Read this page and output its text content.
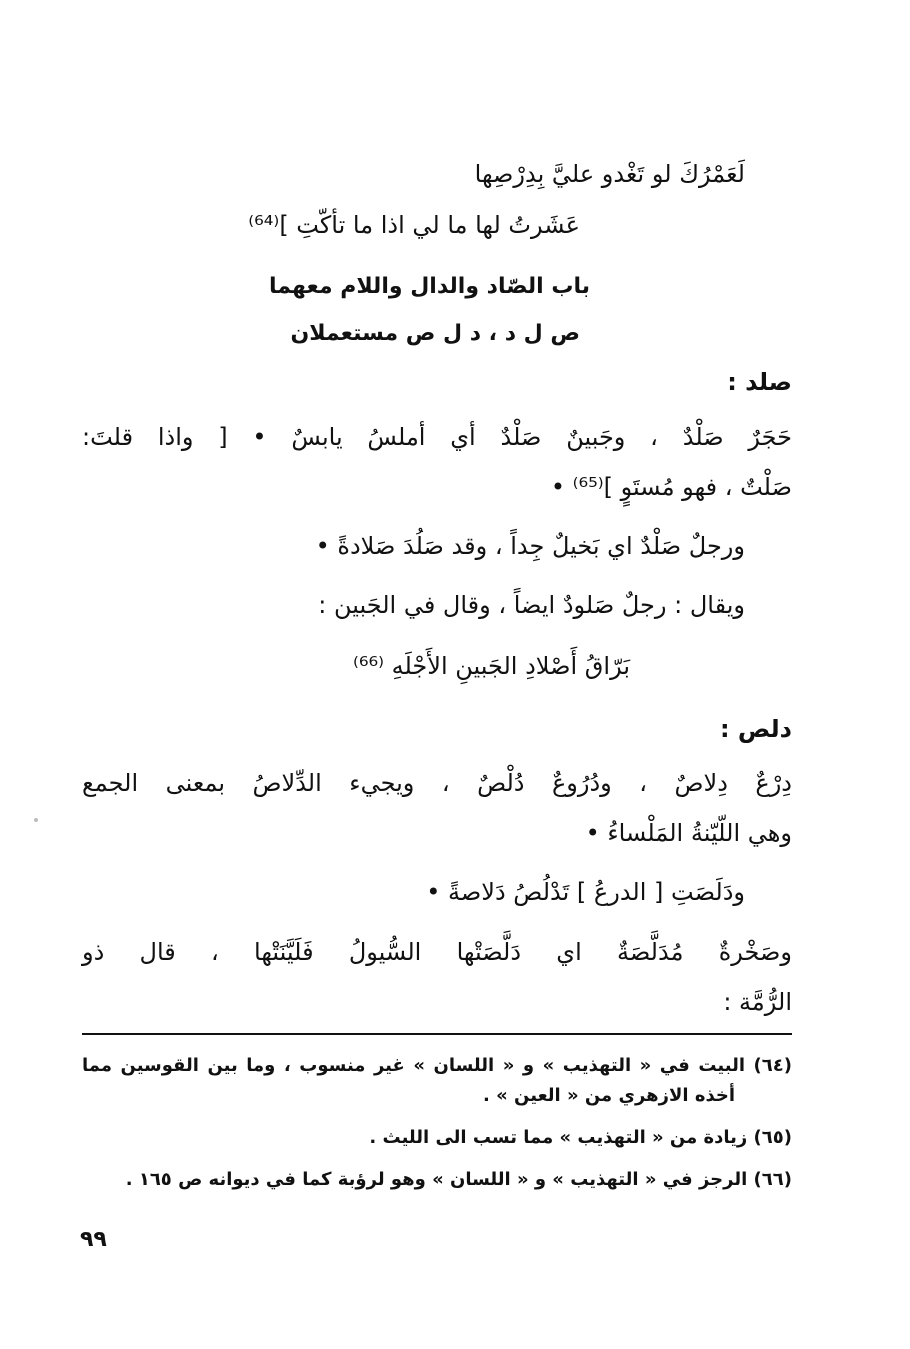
لَعَمْرُكَ لو تَغْدو عليَّ بِدِرْصِها
عَشَرتُ لها ما لي اذا ما تأكّتِ ]⁽⁶⁴⁾
باب الصّاد والدال واللام معهما
ص ل د ، د ل ص مستعملان
صلد :
حَجَرٌ صَلْدٌ ، وجَبينٌ صَلْدٌ أي أملسُ يابسٌ • [ واذا قلتَ:
صَلْتٌ ، فهو مُستَوٍ ]⁽⁶⁵⁾ •
ورجلٌ صَلْدٌ اي بَخيلٌ جِداً ، وقد صَلُدَ صَلادةً •
ويقال : رجلٌ صَلودٌ ايضاً ، وقال في الجَبين :
بَرّاقُ أَصْلادِ الجَبينِ الأَجْلَهِ ⁽⁶⁶⁾
دلص :
دِرْعٌ دِلاصٌ ، ودُرُوعٌ دُلْصٌ ، ويجيء الدِّلاصُ بمعنى الجمع
وهي اللّيّنةُ المَلْساءُ •
ودَلَصَتِ [ الدرعُ ] تَدْلُصُ دَلاصةً •
وصَخْرةٌ مُدَلَّصَةٌ اي دَلَّصَتْها السُّيولُ فَلَيَّنَتْها ، قال ذو
الرُّمَّة :
(٦٤) البيت في « التهذيب » و « اللسان » غير منسوب ، وما بين القوسين مما
أخذه الازهري من « العين » .
(٦٥) زيادة من « التهذيب » مما تسب الى الليث .
(٦٦) الرجز في « التهذيب » و « اللسان » وهو لرؤبة كما في ديوانه ص ١٦٥ .
٩٩
